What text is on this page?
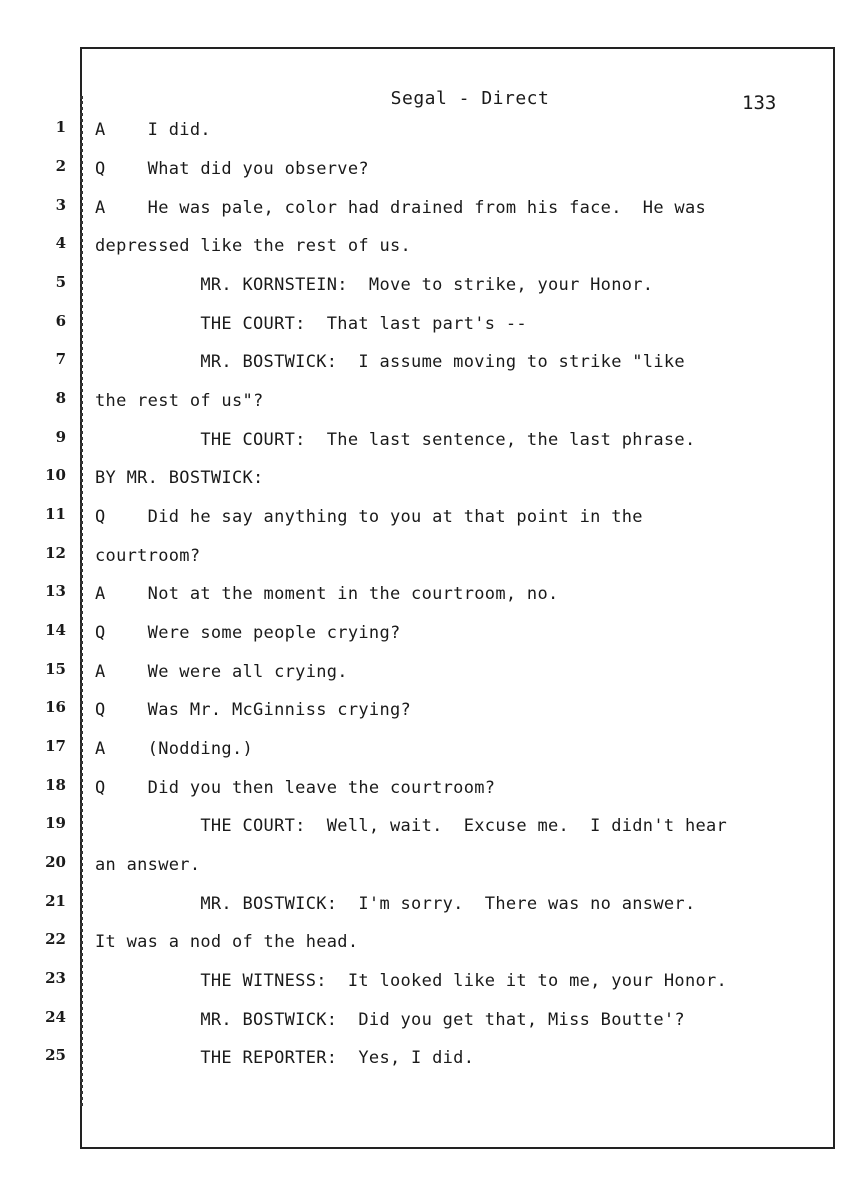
Segal - Direct	133
1 A    I did.
2 Q    What did you observe?
3 A    He was pale, color had drained from his face.  He was
4 depressed like the rest of us.
5 MR. KORNSTEIN:  Move to strike, your Honor.
6 THE COURT:  That last part's --
7 MR. BOSTWICK:  I assume moving to strike "like
8 the rest of us"?
9 THE COURT:  The last sentence, the last phrase.
10 BY MR. BOSTWICK:
11 Q    Did he say anything to you at that point in the
12 courtroom?
13 A    Not at the moment in the courtroom, no.
14 Q    Were some people crying?
15 A    We were all crying.
16 Q    Was Mr. McGinniss crying?
17 A    (Nodding.)
18 Q    Did you then leave the courtroom?
19 THE COURT:  Well, wait.  Excuse me.  I didn't hear
20 an answer.
21 MR. BOSTWICK:  I'm sorry.  There was no answer.
22 It was a nod of the head.
23 THE WITNESS:  It looked like it to me, your Honor.
24 MR. BOSTWICK:  Did you get that, Miss Boutte'?
25 THE REPORTER:  Yes, I did.
